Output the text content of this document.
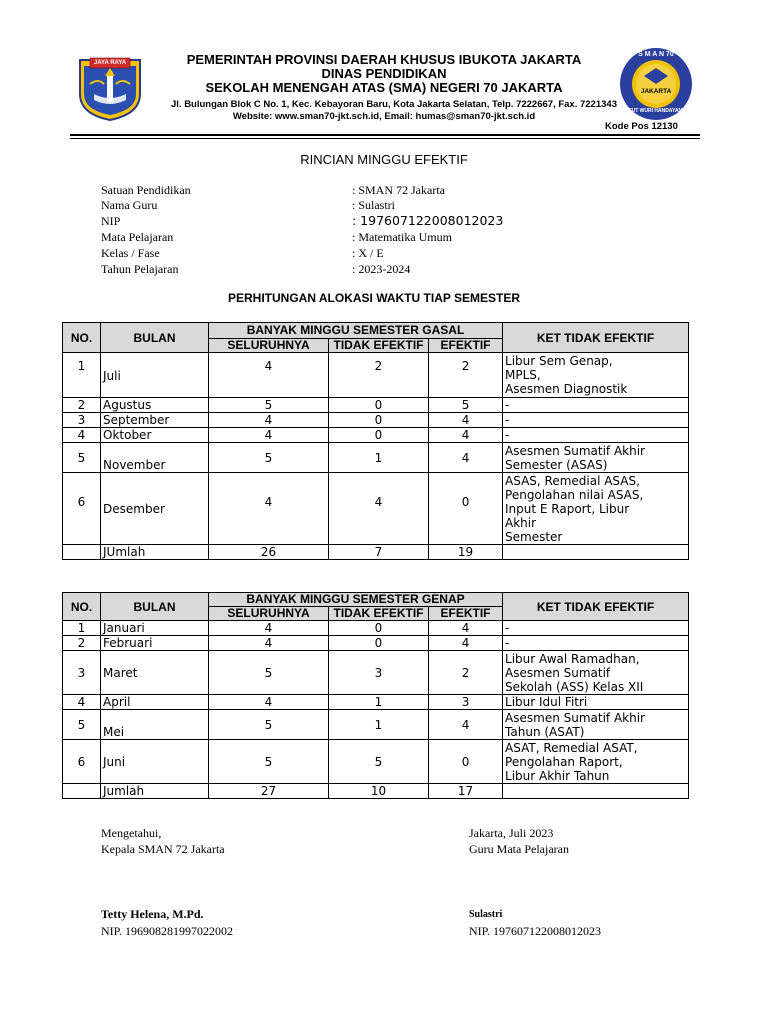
JAYA RAYA
S M A N 70
JAKARTA
TUT WURI HANDAYANI
PEMERINTAH PROVINSI DAERAH KHUSUS IBUKOTA JAKARTA
DINAS PENDIDIKAN
SEKOLAH MENENGAH ATAS (SMA) NEGERI 70 JAKARTA
Jl. Bulungan Blok C No. 1, Kec. Kebayoran Baru, Kota Jakarta Selatan, Telp. 7222667, Fax. 7221343
Website: www.sman70-jkt.sch.id, Email: humas@sman70-jkt.sch.id
Kode Pos 12130
RINCIAN MINGGU EFEKTIF
Satuan Pendidikan	: SMAN 72 Jakarta
Nama Guru	: Sulastri
NIP	: 197607122008012023
Mata Pelajaran	: Matematika Umum
Kelas / Fase	: X / E
Tahun Pelajaran	: 2023-2024
PERHITUNGAN ALOKASI WAKTU TIAP SEMESTER
NO.	BULAN	BANYAK MINGGU SEMESTER GASAL			KET TIDAK EFEKTIF
		SELURUHNYA	TIDAK EFEKTIF	EFEKTIF	
1	Juli	4	2	2	Libur Sem Genap,
MPLS,
Asesmen Diagnostik

2	Agustus	5	0	5	-
3	September	4	0	4	-
4	Oktober	4	0	4	-
5	November	5	1	4	Asesmen Sumatif Akhir
Semester (ASAS)

6	Desember	4	4	0	ASAS, Remedial ASAS,
Pengolahan nilai ASAS,
Input E Raport, Libur
Akhir
Semester

	JUmlah	26	7	19	
NO.	BULAN	BANYAK MINGGU SEMESTER GENAP			KET TIDAK EFEKTIF
		SELURUHNYA	TIDAK EFEKTIF	EFEKTIF	
1	Januari	4	0	4	-
2	Februari	4	0	4	-
3	Maret	5	3	2	Libur Awal Ramadhan,
Asesmen Sumatif
Sekolah (ASS) Kelas XII

4	April	4	1	3	Libur Idul Fitri
5	Mei	5	1	4	Asesmen Sumatif Akhir
Tahun (ASAT)

6	Juni	5	5	0	ASAT, Remedial ASAT,
Pengolahan Raport,
Libur Akhir Tahun

	Jumlah	27	10	17	
Mengetahui,
Kepala SMAN 72 Jakarta
Tetty Helena, M.Pd.
NIP. 196908281997022002
Jakarta, Juli 2023
Guru Mata Pelajaran
Sulastri
NIP. 197607122008012023
